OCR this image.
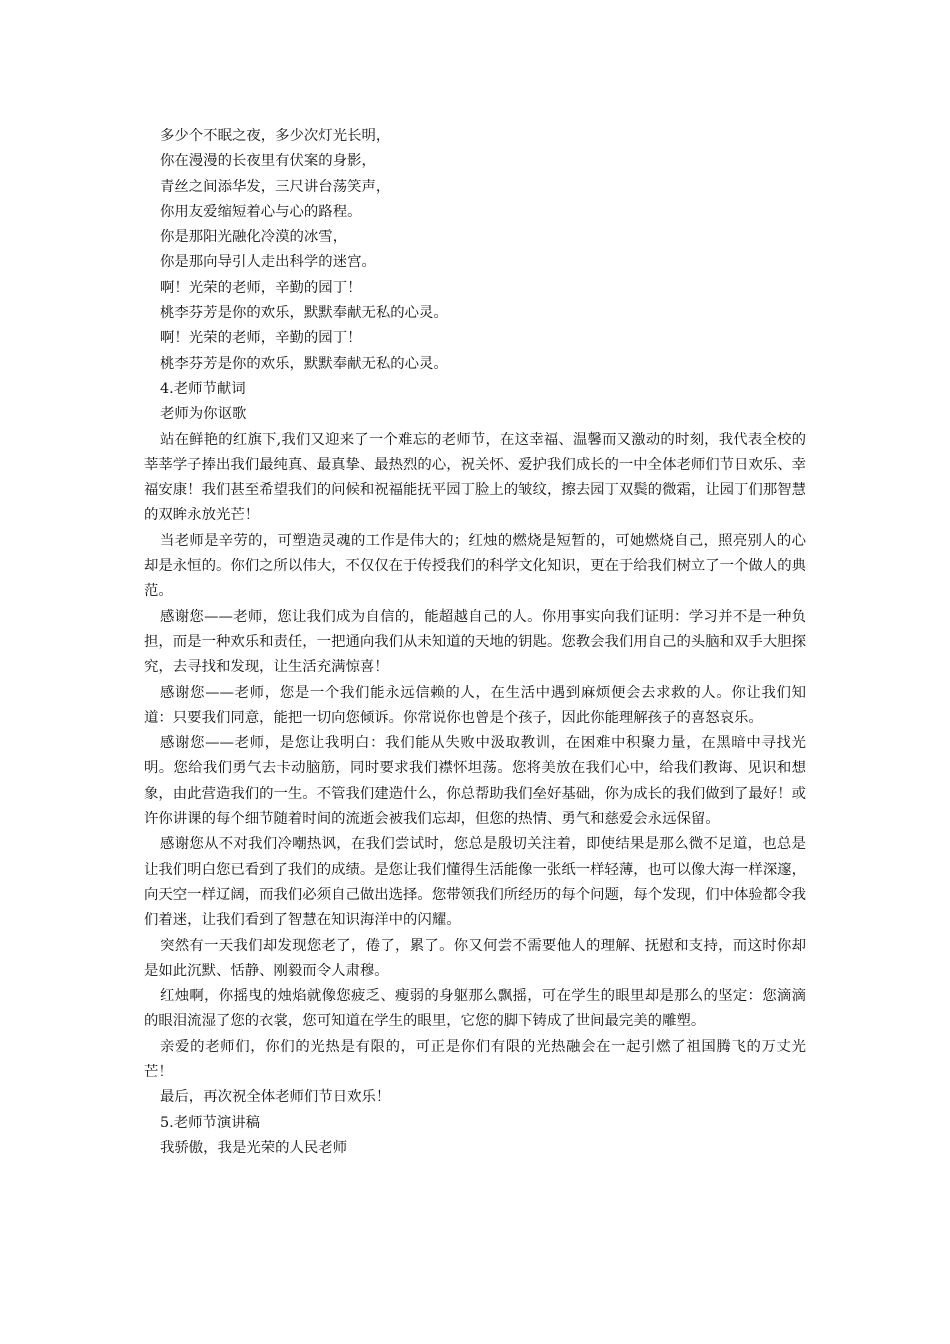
多少个不眠之夜，多少次灯光长明，

你在漫漫的长夜里有伏案的身影，

青丝之间添华发，三尺讲台荡笑声，

你用友爱缩短着心与心的路程。

你是那阳光融化冷漠的冰雪，

你是那向导引人走出科学的迷宫。

啊！光荣的老师，辛勤的园丁！

桃李芬芳是你的欢乐，默默奉献无私的心灵。

啊！光荣的老师，辛勤的园丁！

桃李芬芳是你的欢乐，默默奉献无私的心灵。

4.老师节献词

老师为你讴歌

站在鲜艳的红旗下,我们又迎来了一个难忘的老师节，在这幸福、温馨而又激动的时刻，我代表全校的莘莘学子捧出我们最纯真、最真挚、最热烈的心，祝关怀、爱护我们成长的一中全体老师们节日欢乐、幸福安康！我们甚至希望我们的问候和祝福能抚平园丁脸上的皱纹，擦去园丁双鬓的微霜，让园丁们那智慧的双眸永放光芒！

当老师是辛劳的，可塑造灵魂的工作是伟大的；红烛的燃烧是短暂的，可她燃烧自己，照亮别人的心却是永恒的。你们之所以伟大，不仅仅在于传授我们的科学文化知识，更在于给我们树立了一个做人的典范。

感谢您——老师，您让我们成为自信的，能超越自己的人。你用事实向我们证明：学习并不是一种负担，而是一种欢乐和责任，一把通向我们从未知道的天地的钥匙。您教会我们用自己的头脑和双手大胆探究，去寻找和发现，让生活充满惊喜！

感谢您——老师，您是一个我们能永远信赖的人，在生活中遇到麻烦便会去求救的人。你让我们知道：只要我们同意，能把一切向您倾诉。你常说你也曾是个孩子，因此你能理解孩子的喜怒哀乐。

感谢您——老师，是您让我明白：我们能从失败中汲取教训，在困难中积聚力量，在黑暗中寻找光明。您给我们勇气去卡动脑筋，同时要求我们襟怀坦荡。您将美放在我们心中，给我们教诲、见识和想象，由此营造我们的一生。不管我们建造什么，你总帮助我们垒好基础，你为成长的我们做到了最好！或许你讲课的每个细节随着时间的流逝会被我们忘却，但您的热情、勇气和慈爱会永远保留。

感谢您从不对我们冷嘲热讽，在我们尝试时，您总是殷切关注着，即使结果是那么微不足道，也总是让我们明白您已看到了我们的成绩。是您让我们懂得生活能像一张纸一样轻薄，也可以像大海一样深邃，向天空一样辽阔，而我们必须自己做出选择。您带领我们所经历的每个问题，每个发现，们中体验都令我们着迷，让我们看到了智慧在知识海洋中的闪耀。

突然有一天我们却发现您老了，倦了，累了。你又何尝不需要他人的理解、抚慰和支持，而这时你却是如此沉默、恬静、刚毅而令人肃穆。

红烛啊，你摇曳的烛焰就像您疲乏、瘦弱的身躯那么飘摇，可在学生的眼里却是那么的坚定：您滴滴的眼泪流湿了您的衣裳，您可知道在学生的眼里，它您的脚下铸成了世间最完美的雕塑。

亲爱的老师们，你们的光热是有限的，可正是你们有限的光热融会在一起引燃了祖国腾飞的万丈光芒！

最后，再次祝全体老师们节日欢乐！

5.老师节演讲稿

我骄傲，我是光荣的人民老师
